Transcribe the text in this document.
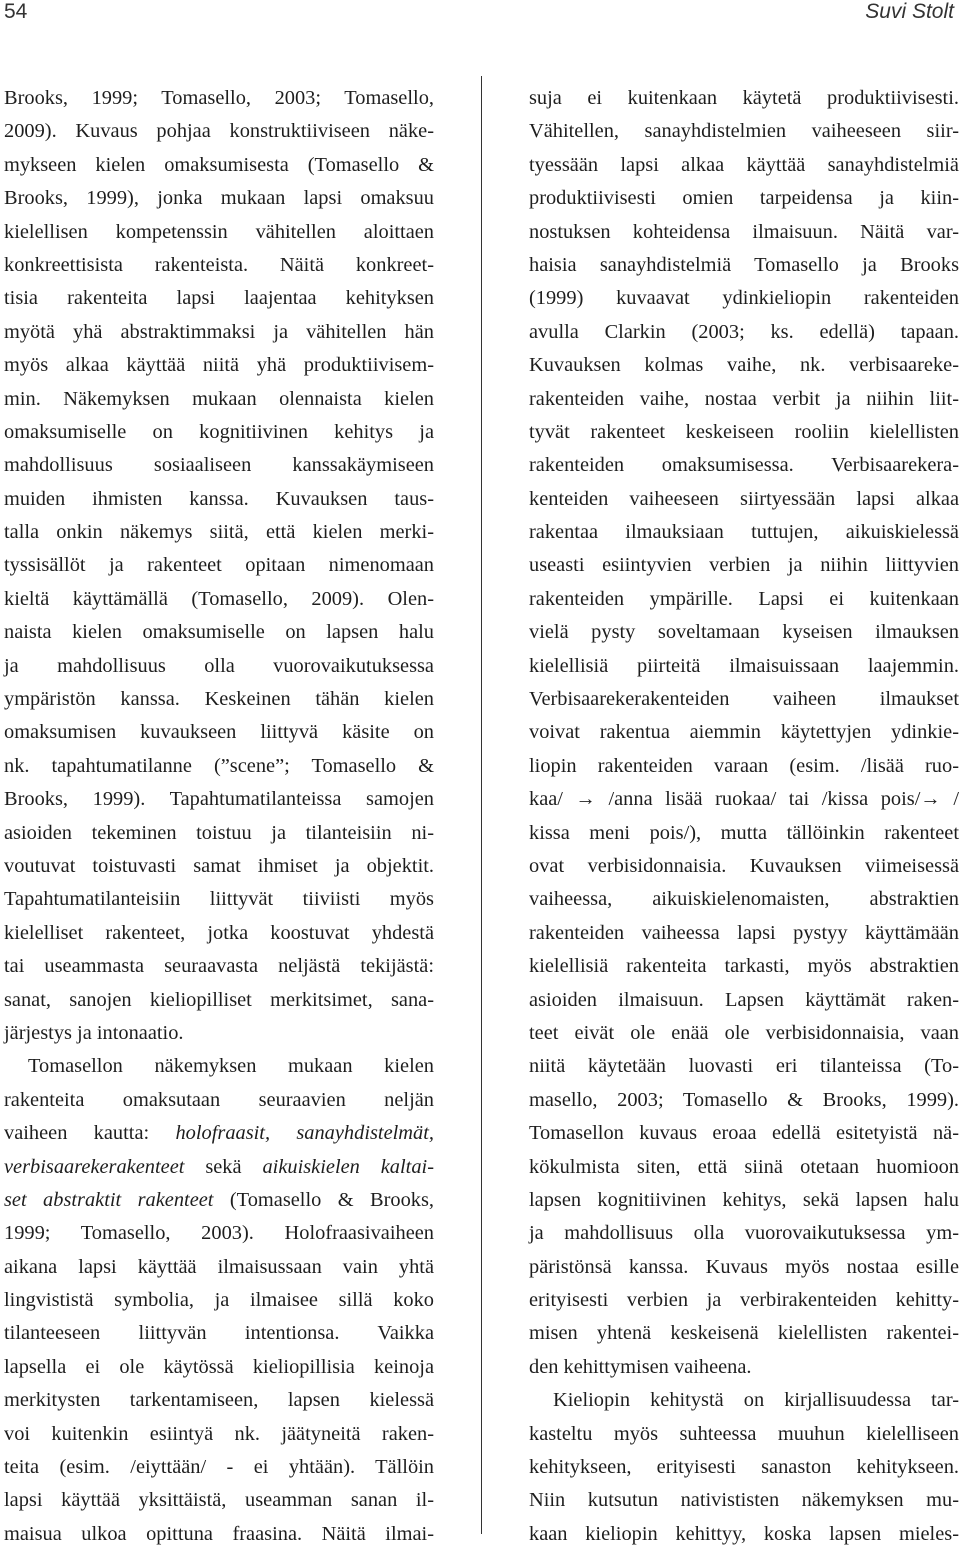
54	Suvi Stolt
Brooks, 1999; Tomasello, 2003; Tomasello,
2009). Kuvaus pohjaa konstruktiiviseen näke-
mykseen kielen omaksumisesta (Tomasello &
Brooks, 1999), jonka mukaan lapsi omaksuu
kielellisen kompetenssin vähitellen aloittaen
konkreettisista rakenteista. Näitä konkreet-
tisia rakenteita lapsi laajentaa kehityksen
myötä yhä abstraktimmaksi ja vähitellen hän
myös alkaa käyttää niitä yhä produktiivisem-
min. Näkemyksen mukaan olennaista kielen
omaksumiselle on kognitiivinen kehitys ja
mahdollisuus sosiaaliseen kanssakäymiseen
muiden ihmisten kanssa. Kuvauksen taus-
talla onkin näkemys siitä, että kielen merki-
tyssisällöt ja rakenteet opitaan nimenomaan
kieltä käyttämällä (Tomasello, 2009). Olen-
naista kielen omaksumiselle on lapsen halu
ja mahdollisuus olla vuorovaikutuksessa
ympäristön kanssa. Keskeinen tähän kielen
omaksumisen kuvaukseen liittyvä käsite on
nk. tapahtumatilanne (”scene”; Tomasello &
Brooks, 1999). Tapahtumatilanteissa samojen
asioiden tekeminen toistuu ja tilanteisiin ni-
voutuvat toistuvasti samat ihmiset ja objektit.
Tapahtumatilanteisiin liittyvät tiiviisti myös
kielelliset rakenteet, jotka koostuvat yhdestä
tai useammasta seuraavasta neljästä tekijästä:
sanat, sanojen kieliopilliset merkitsimet, sana-
järjestys ja intonaatio.
Tomasellon näkemyksen mukaan kielen
rakenteita omaksutaan seuraavien neljän
vaiheen kautta: holofraasit, sanayhdistelmät,
verbisaarekerakenteet sekä aikuiskielen kaltai-
set abstraktit rakenteet (Tomasello & Brooks,
1999; Tomasello, 2003). Holofraasivaiheen
aikana lapsi käyttää ilmaisussaan vain yhtä
lingvististä symbolia, ja ilmaisee sillä koko
tilanteeseen liittyvän intentionsa. Vaikka
lapsella ei ole käytössä kieliopillisia keinoja
merkitysten tarkentamiseen, lapsen kielessä
voi kuitenkin esiintyä nk. jäätyneitä raken-
teita (esim. /eiyttään/ - ei yhtään). Tällöin
lapsi käyttää yksittäistä, useamman sanan il-
maisua ulkoa opittuna fraasina. Näitä ilmai-
suja ei kuitenkaan käytetä produktiivisesti.
Vähitellen, sanayhdistelmien vaiheeseen siir-
tyessään lapsi alkaa käyttää sanayhdistelmiä
produktiivisesti omien tarpeidensa ja kiin-
nostuksen kohteidensa ilmaisuun. Näitä var-
haisia sanayhdistelmiä Tomasello ja Brooks
(1999) kuvaavat ydinkieliopin rakenteiden
avulla Clarkin (2003; ks. edellä) tapaan.
Kuvauksen kolmas vaihe, nk. verbisaareke-
rakenteiden vaihe, nostaa verbit ja niihin liit-
tyvät rakenteet keskeiseen rooliin kielellisten
rakenteiden omaksumisessa. Verbisaarekera-
kenteiden vaiheeseen siirtyessään lapsi alkaa
rakentaa ilmauksiaan tuttujen, aikuiskielessä
useasti esiintyvien verbien ja niihin liittyvien
rakenteiden ympärille. Lapsi ei kuitenkaan
vielä pysty soveltamaan kyseisen ilmauksen
kielellisiä piirteitä ilmaisuissaan laajemmin.
Verbisaarekerakenteiden vaiheen ilmaukset
voivat rakentua aiemmin käytettyjen ydinkie-
liopin rakenteiden varaan (esim. /lisää ruo-
kaa/ → /anna lisää ruokaa/ tai /kissa pois/→ /
kissa meni pois/), mutta tällöinkin rakenteet
ovat verbisidonnaisia. Kuvauksen viimeisessä
vaiheessa, aikuiskielenomaisten, abstraktien
rakenteiden vaiheessa lapsi pystyy käyttämään
kielellisiä rakenteita tarkasti, myös abstraktien
asioiden ilmaisuun. Lapsen käyttämät raken-
teet eivät ole enää ole verbisidonnaisia, vaan
niitä käytetään luovasti eri tilanteissa (To-
masello, 2003; Tomasello & Brooks, 1999).
Tomasellon kuvaus eroaa edellä esitetyistä nä-
kökulmista siten, että siinä otetaan huomioon
lapsen kognitiivinen kehitys, sekä lapsen halu
ja mahdollisuus olla vuorovaikutuksessa ym-
päristönsä kanssa. Kuvaus myös nostaa esille
erityisesti verbien ja verbirakenteiden kehitty-
misen yhtenä keskeisenä kielellisten rakentei-
den kehittymisen vaiheena.
Kieliopin kehitystä on kirjallisuudessa tar-
kasteltu myös suhteessa muuhun kielelliseen
kehitykseen, erityisesti sanaston kehitykseen.
Niin kutsutun nativististen näkemyksen mu-
kaan kieliopin kehittyy, koska lapsen mieles-
